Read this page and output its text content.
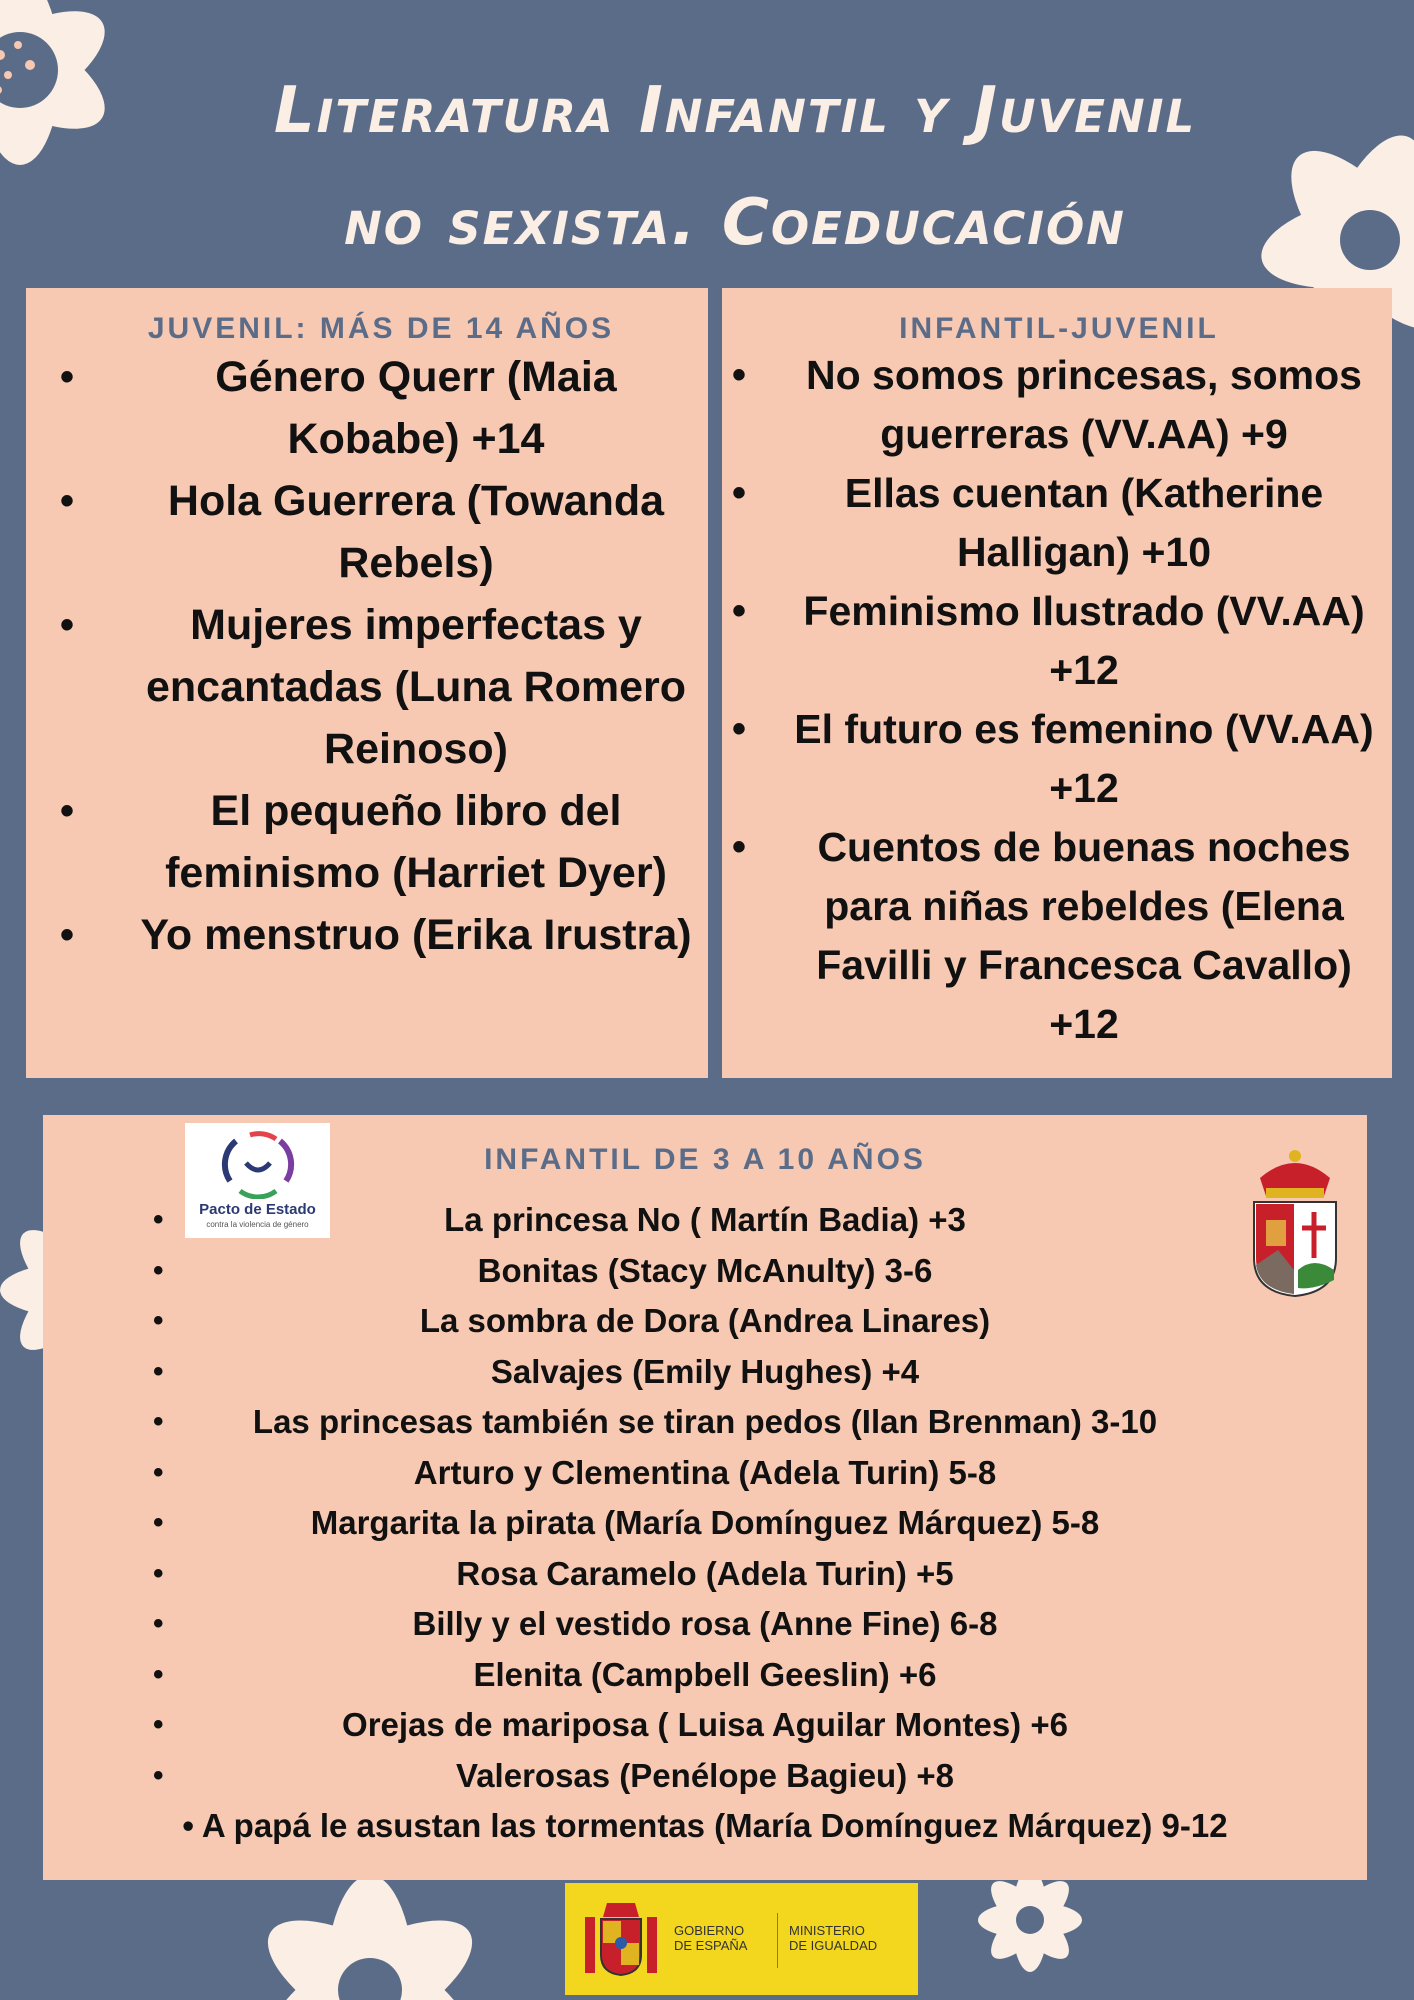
Literatura Infantil y Juvenil
no sexista. Coeducación
JUVENIL: MÁS DE 14 AÑOS
•	Género Querr (Maia Kobabe) +14
•	Hola Guerrera (Towanda Rebels)
•	Mujeres imperfectas y encantadas (Luna Romero Reinoso)
•	El pequeño libro del feminismo (Harriet Dyer)
• Yo menstruo (Erika Irustra)
INFANTIL-JUVENIL
•	No somos princesas, somos guerreras (VV.AA) +9
•	Ellas cuentan (Katherine Halligan) +10
•	Feminismo Ilustrado (VV.AA) +12
• El futuro es femenino (VV.AA) +12
•	Cuentos de buenas noches para niñas rebeldes (Elena Favilli y Francesca Cavallo) +12
INFANTIL DE 3 A 10 AÑOS
•	La princesa No ( Martín Badia) +3
•	Bonitas (Stacy McAnulty) 3-6
•	La sombra de Dora (Andrea Linares)
•	Salvajes (Emily Hughes) +4
•	Las princesas también se tiran pedos (Ilan Brenman) 3-10
•	Arturo y Clementina (Adela Turin) 5-8
•	Margarita la pirata (María Domínguez Márquez) 5-8
•	Rosa Caramelo (Adela Turin) +5
•	Billy y el vestido rosa (Anne Fine) 6-8
•	Elenita (Campbell Geeslin) +6
•	Orejas de mariposa ( Luisa Aguilar Montes) +6
•	Valerosas (Penélope Bagieu) +8
• A papá le asustan las tormentas (María Domínguez Márquez) 9-12
Pacto de Estado
contra la violencia de género
GOBIERNO
DE ESPAÑA
MINISTERIO
DE IGUALDAD
